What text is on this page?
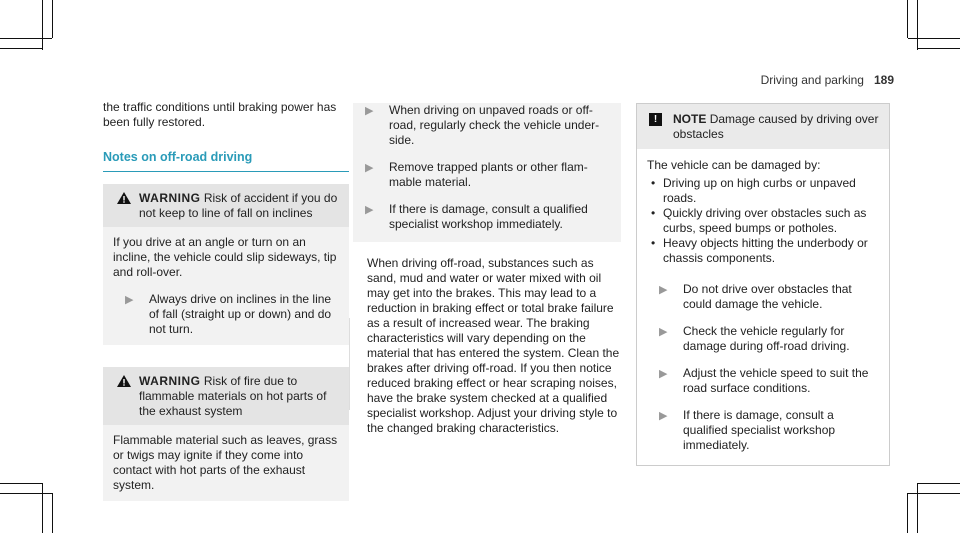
Driving and parking 189

the traffic conditions until braking power has been fully restored.

Notes on off-road driving
WARNING Risk of accident if you do not keep to line of fall on inclines

If you drive at an angle or turn on an incline, the vehicle could slip sideways, tip and roll-over.

▶ Always drive on inclines in the line of fall (straight up or down) and do not turn.
WARNING Risk of fire due to flammable materials on hot parts of the exhaust system

Flammable material such as leaves, grass or twigs may ignite if they come into contact with hot parts of the exhaust system.

▶ When driving on unpaved roads or off-road, regularly check the vehicle under-side.
▶ Remove trapped plants or other flam-mable material.
▶ If there is damage, consult a qualified specialist workshop immediately.

When driving off-road, substances such as sand, mud and water or water mixed with oil may get into the brakes. This may lead to a reduction in braking effect or total brake failure as a result of increased wear. The braking characteristics will vary depending on the material that has entered the system. Clean the brakes after driving off-road. If you then notice reduced braking effect or hear scraping noises, have the brake system checked at a qualified specialist workshop. Adjust your driving style to the changed braking characteristics.

!	NOTE Damage caused by driving over obstacles

The vehicle can be damaged by:

• Driving up on high curbs or unpaved roads.
• Quickly driving over obstacles such as curbs, speed bumps or potholes.
• Heavy objects hitting the underbody or chassis components.
▶ Do not drive over obstacles that could damage the vehicle.
▶ Check the vehicle regularly for damage during off-road driving.
▶ Adjust the vehicle speed to suit the road surface conditions.
▶ If there is damage, consult a qualified specialist workshop immediately.
